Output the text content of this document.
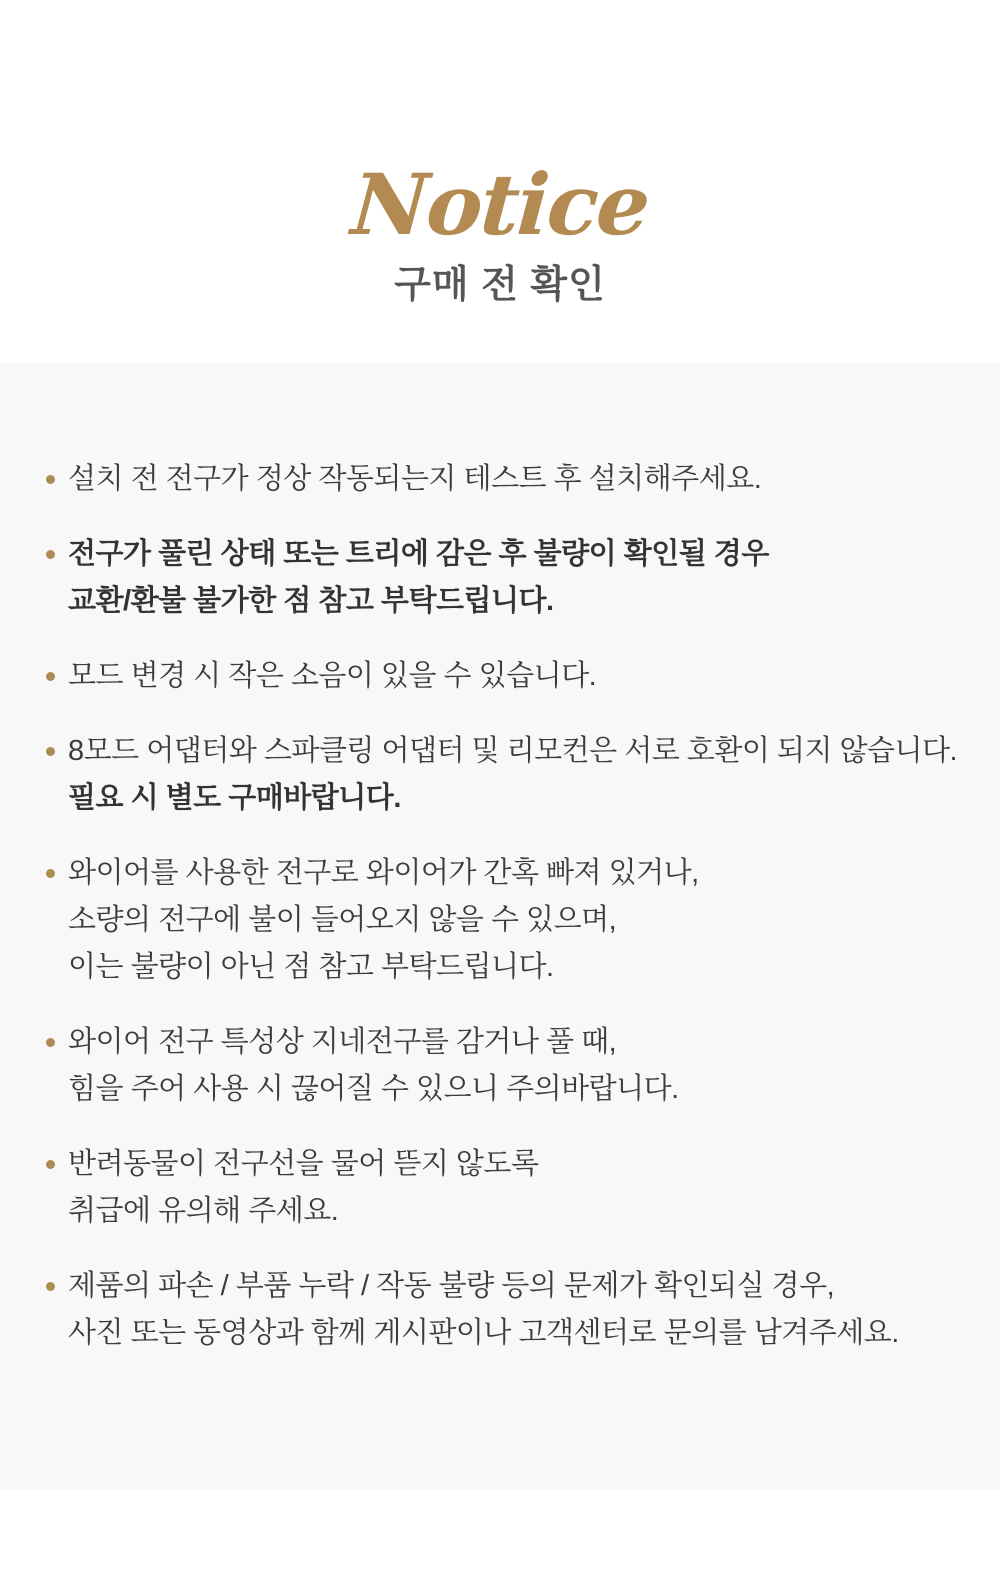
Notice
구매 전 확인
설치 전 전구가 정상 작동되는지 테스트 후 설치해주세요.
전구가 풀린 상태 또는 트리에 감은 후 불량이 확인될 경우
교환/환불 불가한 점 참고 부탁드립니다.
모드 변경 시 작은 소음이 있을 수 있습니다.
8모드 어댑터와 스파클링 어댑터 및 리모컨은 서로 호환이 되지 않습니다.
필요 시 별도 구매바랍니다.
와이어를 사용한 전구로 와이어가 간혹 빠져 있거나,
소량의 전구에 불이 들어오지 않을 수 있으며,
이는 불량이 아닌 점 참고 부탁드립니다.
와이어 전구 특성상 지네전구를 감거나 풀 때,
힘을 주어 사용 시 끊어질 수 있으니 주의바랍니다.
반려동물이 전구선을 물어 뜯지 않도록
취급에 유의해 주세요.
제품의 파손 / 부품 누락 / 작동 불량 등의 문제가 확인되실 경우,
사진 또는 동영상과 함께 게시판이나 고객센터로 문의를 남겨주세요.
